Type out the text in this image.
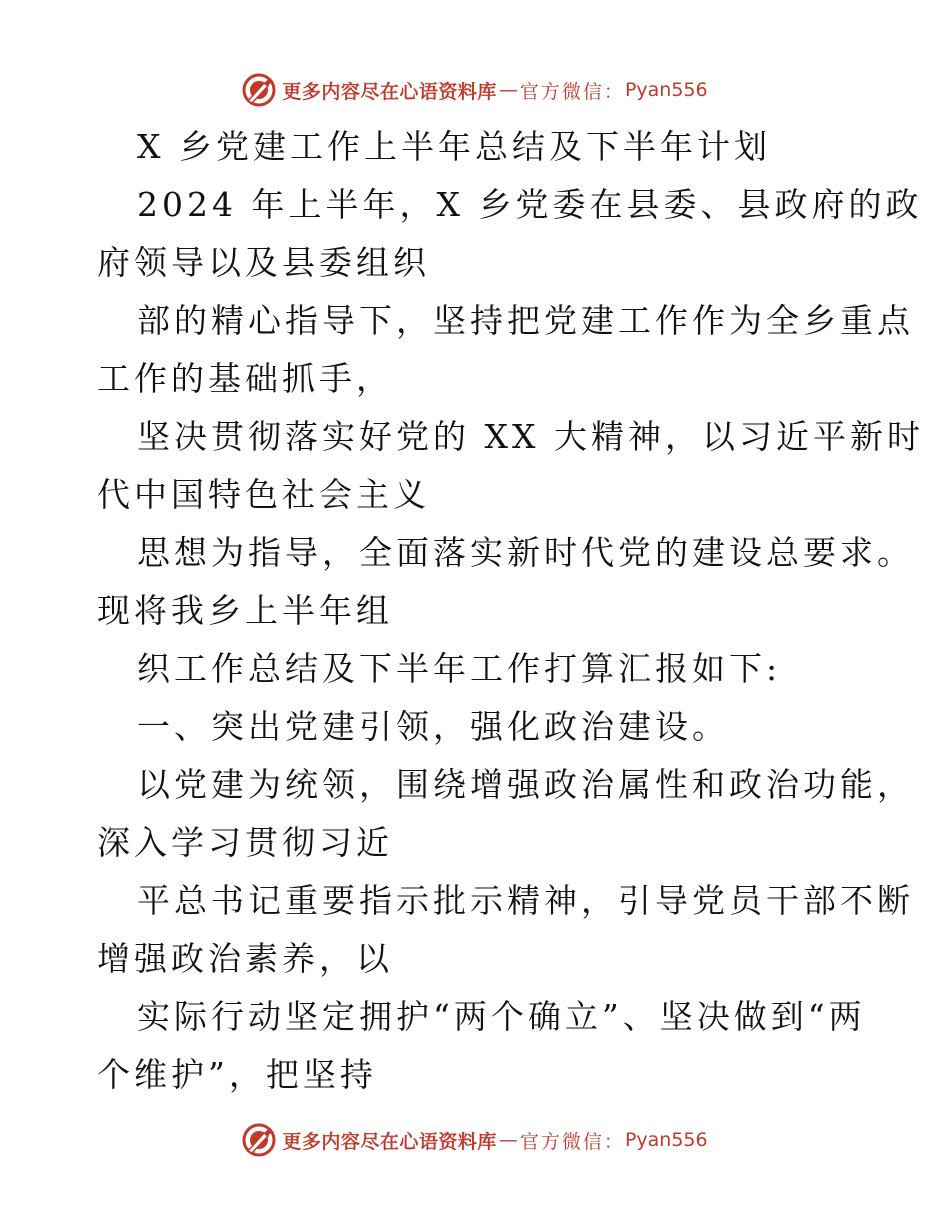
更多内容尽在心语资料库 — 官方微信： Pyan556
X 乡党建工作上半年总结及下半年计划
2024 年上半年，X 乡党委在县委、县政府的政
府领导以及县委组织
部的精心指导下，坚持把党建工作作为全乡重点
工作的基础抓手，
坚决贯彻落实好党的 XX 大精神，以习近平新时
代中国特色社会主义
思想为指导，全面落实新时代党的建设总要求。
现将我乡上半年组
织工作总结及下半年工作打算汇报如下:
一、突出党建引领，强化政治建设。
以党建为统领，围绕增强政治属性和政治功能，
深入学习贯彻习近
平总书记重要指示批示精神，引导党员干部不断
增强政治素养，以
实际行动坚定拥护“两个确立”、坚决做到“两
个维护”，把坚持
更多内容尽在心语资料库 — 官方微信： Pyan556
